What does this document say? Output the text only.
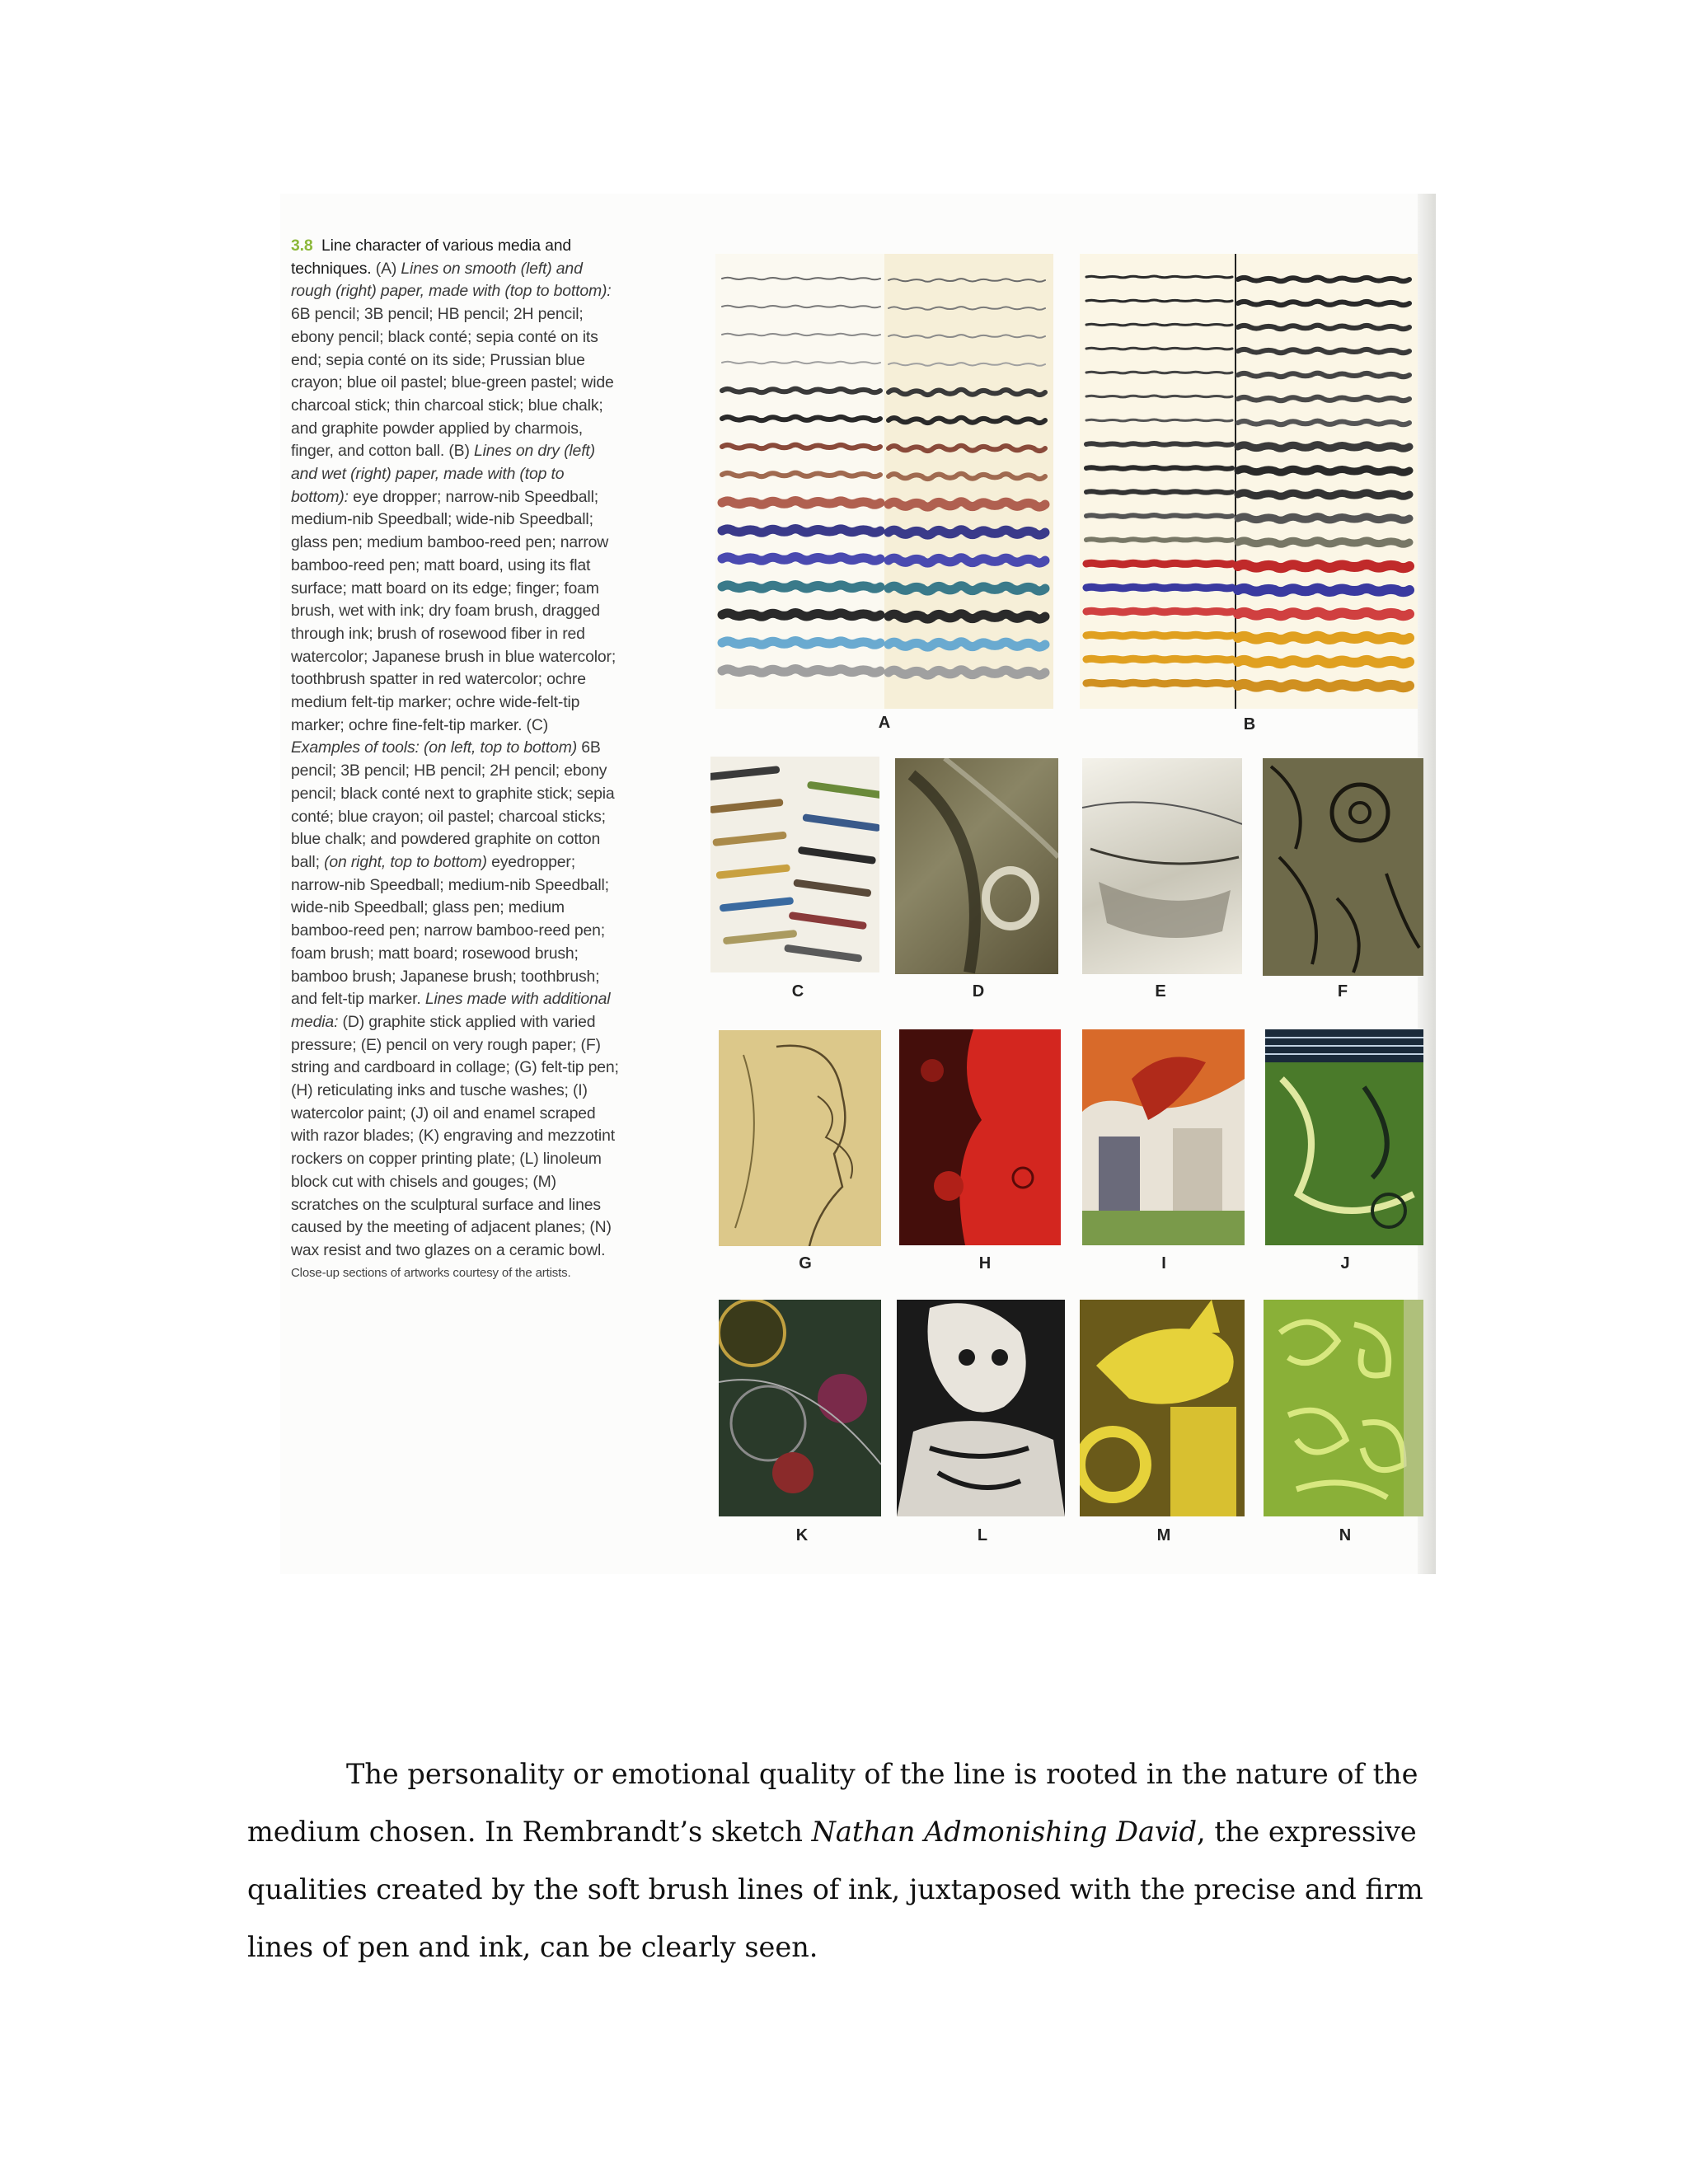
3.8 Line character of various media and techniques. (A) Lines on smooth (left) and rough (right) paper, made with (top to bottom): 6B pencil; 3B pencil; HB pencil; 2H pencil; ebony pencil; black conté; sepia conté on its end; sepia conté on its side; Prussian blue crayon; blue oil pastel; blue-green pastel; wide charcoal stick; thin charcoal stick; blue chalk; and graphite powder applied by charmois, finger, and cotton ball. (B) Lines on dry (left) and wet (right) paper, made with (top to bottom): eye dropper; narrow-nib Speedball; medium-nib Speedball; wide-nib Speedball; glass pen; medium bamboo-reed pen; narrow bamboo-reed pen; matt board, using its flat surface; matt board on its edge; finger; foam brush, wet with ink; dry foam brush, dragged through ink; brush of rosewood fiber in red watercolor; Japanese brush in blue watercolor; toothbrush spatter in red watercolor; ochre medium felt-tip marker; ochre wide-felt-tip marker; ochre fine-felt-tip marker. (C) Examples of tools: (on left, top to bottom) 6B pencil; 3B pencil; HB pencil; 2H pencil; ebony pencil; black conté next to graphite stick; sepia conté; blue crayon; oil pastel; charcoal sticks; blue chalk; and powdered graphite on cotton ball; (on right, top to bottom) eyedropper; narrow-nib Speedball; medium-nib Speedball; wide-nib Speedball; glass pen; medium bamboo-reed pen; narrow bamboo-reed pen; foam brush; matt board; rosewood brush; bamboo brush; Japanese brush; toothbrush; and felt-tip marker. Lines made with additional media: (D) graphite stick applied with varied pressure; (E) pencil on very rough paper; (F) string and cardboard in collage; (G) felt-tip pen; (H) reticulating inks and tusche washes; (I) watercolor paint; (J) oil and enamel scraped with razor blades; (K) engraving and mezzotint rockers on copper printing plate; (L) linoleum block cut with chisels and gouges; (M) scratches on the sculptural surface and lines caused by the meeting of adjacent planes; (N) wax resist and two glazes on a ceramic bowl.
Close-up sections of artworks courtesy of the artists.
A	B
C	D	E	F
G	H	I	J
K	L	M	N

The personality or emotional quality of the line is rooted in the nature of the medium chosen. In Rembrandt’s sketch Nathan Admonishing David, the expressive qualities created by the soft brush lines of ink, juxtaposed with the precise and firm lines of pen and ink, can be clearly seen.
